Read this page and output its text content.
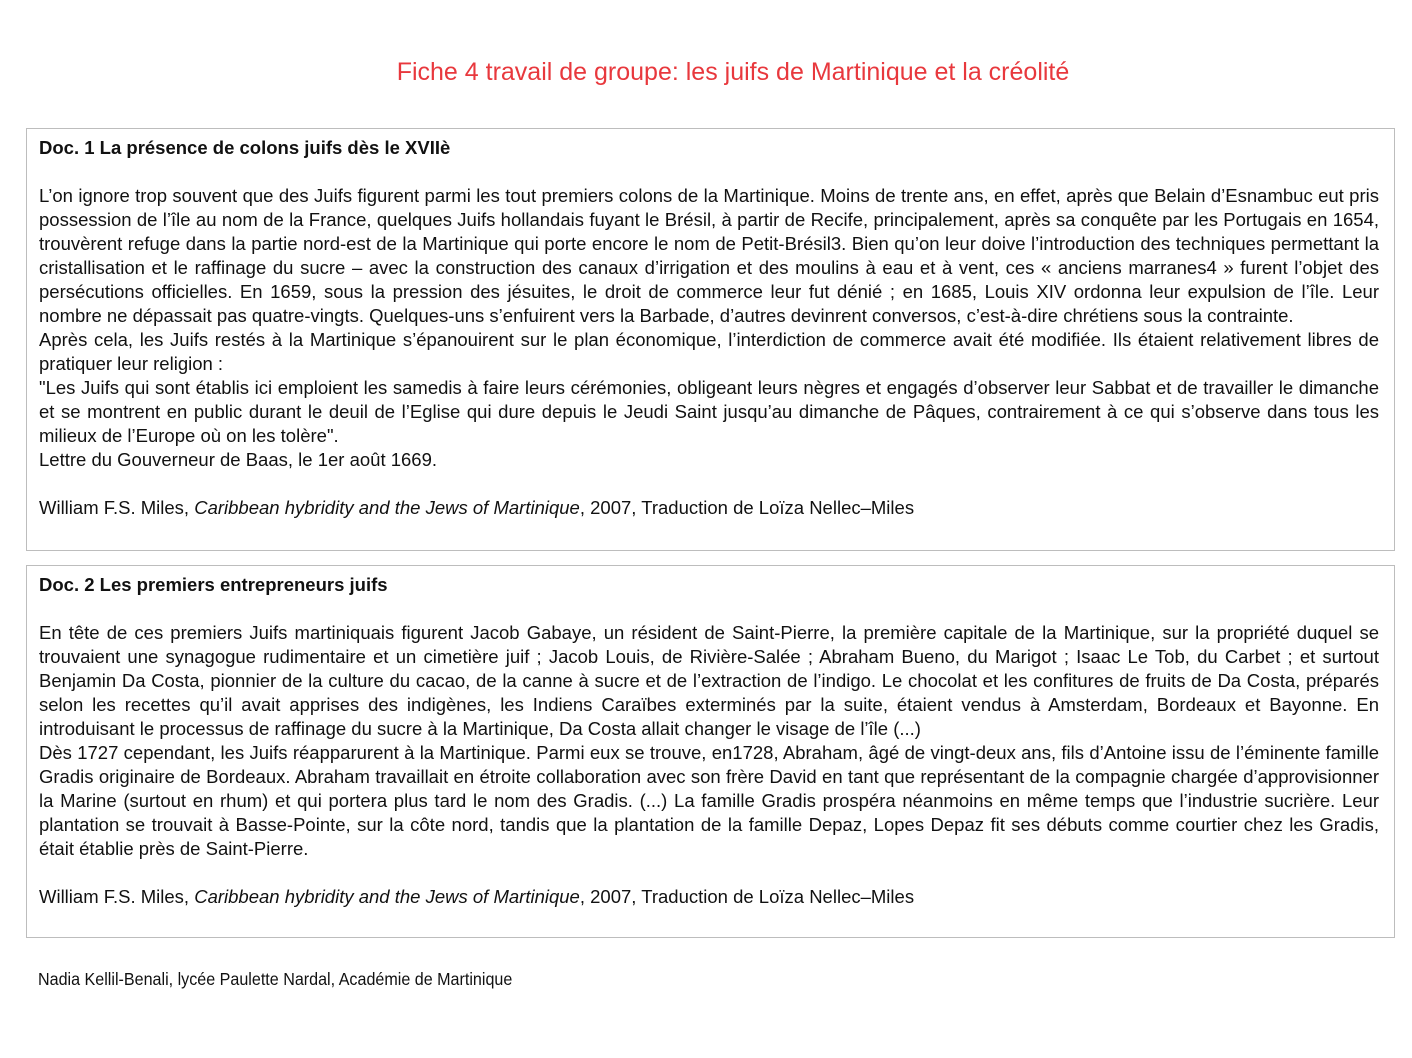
Fiche 4 travail de groupe: les juifs de Martinique et la créolité
Doc. 1 La présence de colons juifs dès le XVIIè

L’on ignore trop souvent que des Juifs figurent parmi les tout premiers colons de la Martinique. Moins de trente ans, en effet, après que Belain d’Esnambuc eut pris possession de l’île au nom de la France, quelques Juifs hollandais fuyant le Brésil, à partir de Recife, principalement, après sa conquête par les Portugais en 1654, trouvèrent refuge dans la partie nord-est de la Martinique qui porte encore le nom de Petit-Brésil3. Bien qu’on leur doive l’introduction des techniques permettant la cristallisation et le raffinage du sucre – avec la construction des canaux d’irrigation et des moulins à eau et à vent, ces « anciens marranes4 » furent l’objet des persécutions officielles. En 1659, sous la pression des jésuites, le droit de commerce leur fut dénié ; en 1685, Louis XIV ordonna leur expulsion de l’île. Leur nombre ne dépassait pas quatre-vingts. Quelques-uns s’enfuirent vers la Barbade, d’autres devinrent conversos, c’est-à-dire chrétiens sous la contrainte.

Après cela, les Juifs restés à la Martinique s’épanouirent sur le plan économique, l’interdiction de commerce avait été modifiée. Ils étaient relativement libres de pratiquer leur religion :

"Les Juifs qui sont établis ici emploient les samedis à faire leurs cérémonies, obligeant leurs nègres et engagés d’observer leur Sabbat et de travailler le dimanche et se montrent en public durant le deuil de l’Eglise qui dure depuis le Jeudi Saint jusqu’au dimanche de Pâques, contrairement à ce qui s’observe dans tous les milieux de l’Europe où on les tolère".

Lettre du Gouverneur de Baas, le 1er août 1669.

William F.S. Miles, Caribbean hybridity and the Jews of Martinique, 2007, Traduction de Loïza Nellec–Miles
Doc. 2 Les premiers entrepreneurs juifs

En tête de ces premiers Juifs martiniquais figurent Jacob Gabaye, un résident de Saint-Pierre, la première capitale de la Martinique, sur la propriété duquel se trouvaient une synagogue rudimentaire et un cimetière juif ; Jacob Louis, de Rivière-Salée ; Abraham Bueno, du Marigot ; Isaac Le Tob, du Carbet ; et surtout Benjamin Da Costa, pionnier de la culture du cacao, de la canne à sucre et de l’extraction de l’indigo. Le chocolat et les confitures de fruits de Da Costa, préparés selon les recettes qu’il avait apprises des indigènes, les Indiens Caraïbes exterminés par la suite, étaient vendus à Amsterdam, Bordeaux et Bayonne. En introduisant le processus de raffinage du sucre à la Martinique, Da Costa allait changer le visage de l’île (...)

Dès 1727 cependant, les Juifs réapparurent à la Martinique. Parmi eux se trouve, en1728, Abraham, âgé de vingt-deux ans, fils d’Antoine issu de l’éminente famille Gradis originaire de Bordeaux. Abraham travaillait en étroite collaboration avec son frère David en tant que représentant de la compagnie chargée d’approvisionner la Marine (surtout en rhum) et qui portera plus tard le nom des Gradis. (...) La famille Gradis prospéra néanmoins en même temps que l’industrie sucrière. Leur plantation se trouvait à Basse-Pointe, sur la côte nord, tandis que la plantation de la famille Depaz, Lopes Depaz fit ses débuts comme courtier chez les Gradis, était établie près de Saint-Pierre.

William F.S. Miles, Caribbean hybridity and the Jews of Martinique, 2007, Traduction de Loïza Nellec–Miles
Nadia Kellil-Benali, lycée Paulette Nardal, Académie de Martinique
